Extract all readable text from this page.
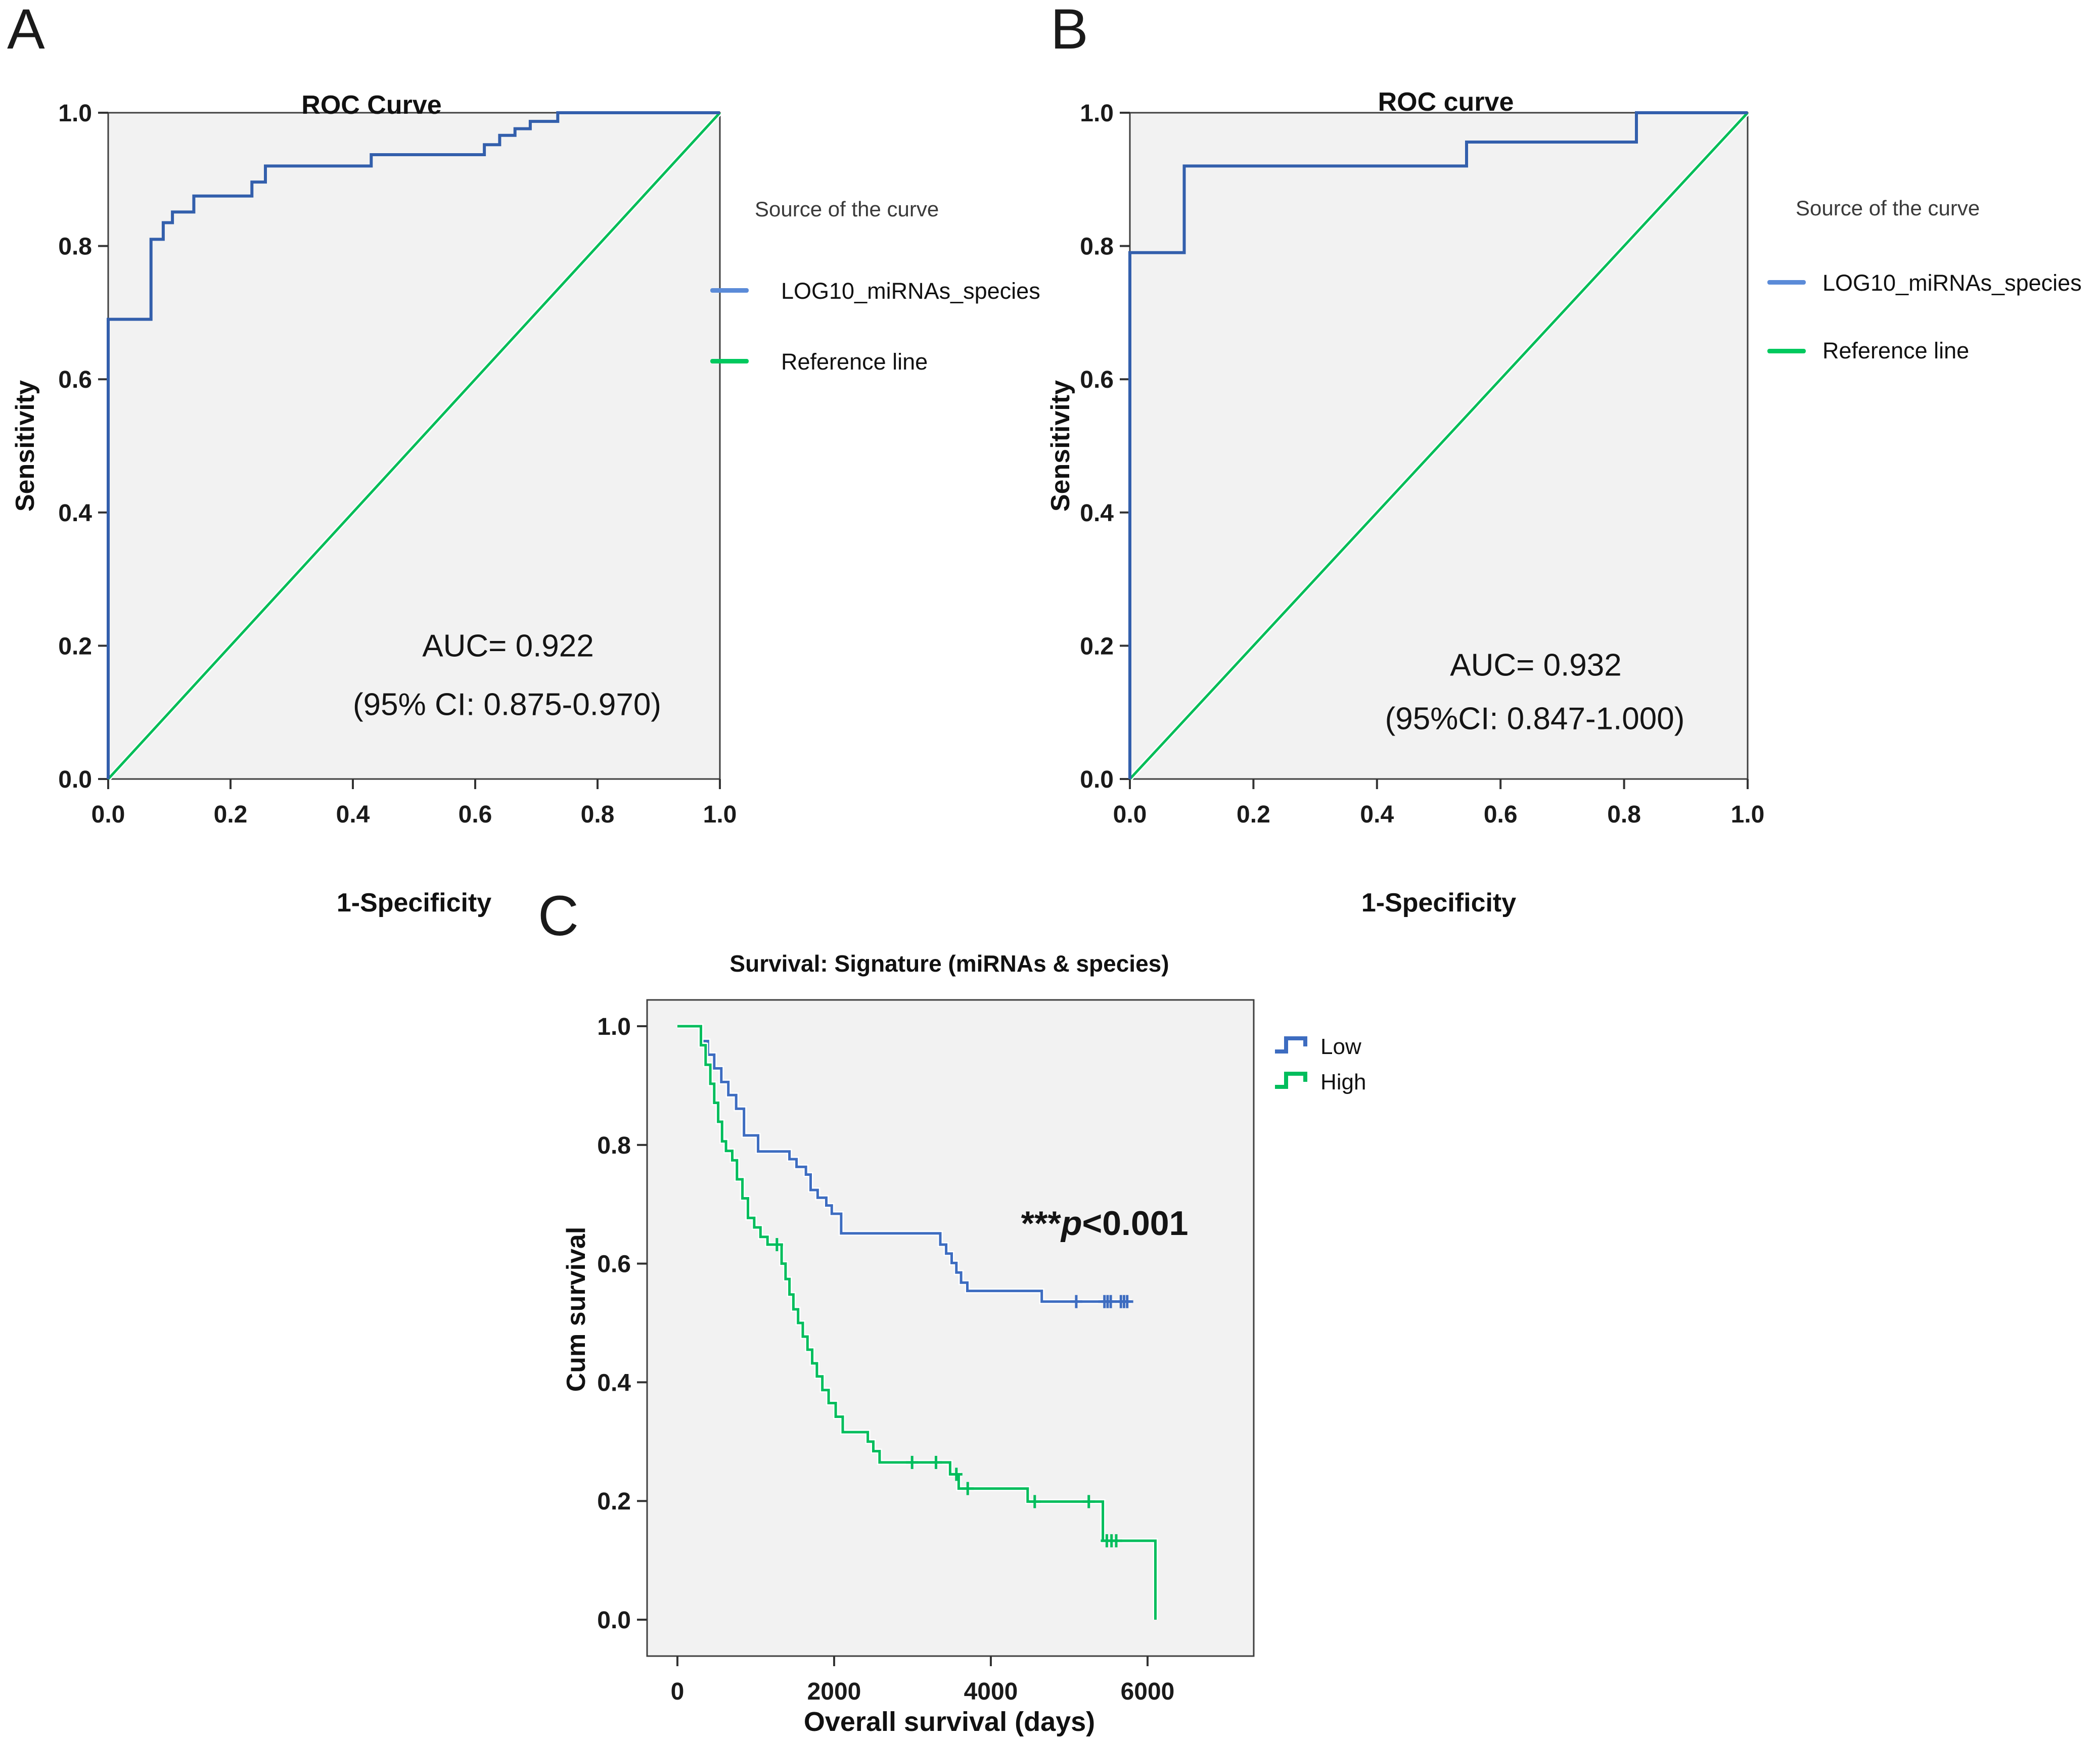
0.0	0.2	0.4	0.6	0.8	1.0
0.0
0.2
0.4
0.6
0.8
1.0
0.0	0.2	0.4	0.6	0.8	1.0
0.0
0.2
0.4
0.6
0.8
1.0
0	2000	4000	6000
0.0
0.2
0.4
0.6
0.8
1.0
A	B
C
ROC Curve	ROC curve
Survival: Signature (miRNAs & species)
Sensitivity
1-Specificity
Sensitivity
1-Specificity
Cum survival
Overall survival (days)
Source of the curve
LOG10_miRNAs_species
Reference line
Source of the curve
LOG10_miRNAs_species
Reference line
Low
High
AUC= 0.922
(95% CI: 0.875-0.970)
AUC= 0.932
(95%CI: 0.847-1.000)
***p<0.001
